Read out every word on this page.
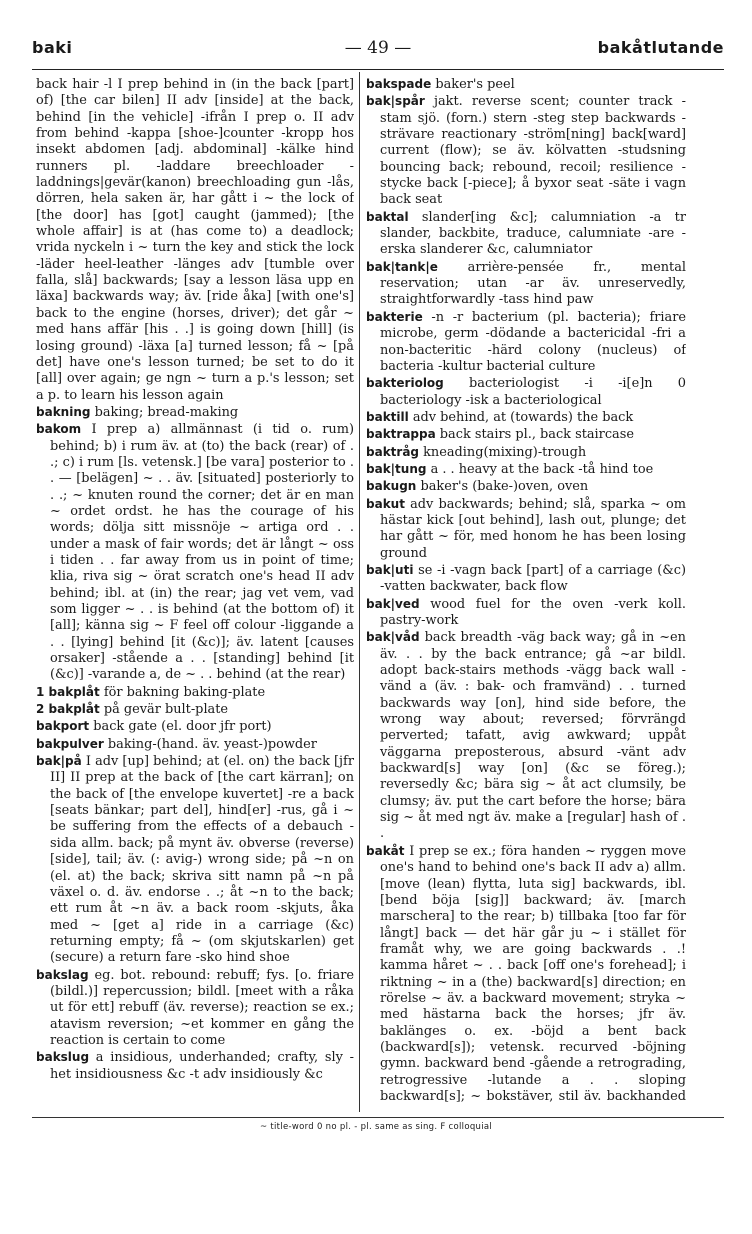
baki	— 49 —	bakåtlutande

back hair -l I prep behind in (in the back [part] of) [the car bilen] II adv [inside] at the back, behind [in the vehicle] -ifrån I prep o. II adv from behind -kappa [shoe-]counter -kropp hos insekt abdomen [adj. abdominal] -kälke hind runners pl. -laddare breechloader -laddnings|gevär(kanon) breechloading gun -lås, dörren, hela saken är, har gått i ~ the lock of [the door] has [got] caught (jammed); [the whole affair] is at (has come to) a deadlock; vrida nyckeln i ~ turn the key and stick the lock -läder heel-leather -länges adv [tumble over falla, slå] backwards; [say a lesson läsa upp en läxa] backwards way; äv. [ride åka] [with one's] back to the engine (horses, driver); det går ~ med hans affär [his . .] is going down [hill] (is losing ground) -läxa [a] turned lesson; få ~ [på det] have one's lesson turned; be set to do it [all] over again; ge ngn ~ turn a p.'s lesson; set a p. to learn his lesson again

bakning baking; bread-making

bakom I prep a) allmännast (i tid o. rum) behind; b) i rum äv. at (to) the back (rear) of . .; c) i rum [ls. vetensk.] [be vara] posterior to . . — [belägen] ~ . . äv. [situated] posteriorly to . .; ~ knuten round the corner; det är en man ~ ordet ordst. he has the courage of his words; dölja sitt missnöje ~ artiga ord . . under a mask of fair words; det är långt ~ oss i tiden . . far away from us in point of time; klia, riva sig ~ örat scratch one's head II adv behind; ibl. at (in) the rear; jag vet vem, vad som ligger ~ . . is behind (at the bottom of) it [all]; känna sig ~ F feel off colour -liggande a . . [lying] behind [it (&c)]; äv. latent [causes orsaker] -stående a . . [standing] behind [it (&c)] -varande a, de ~ . . behind (at the rear)

1 bakplåt för bakning baking-plate

2 bakplåt på gevär bult-plate

bakport back gate (el. door jfr port)

bakpulver baking-(hand. äv. yeast-)powder

bak|på I adv [up] behind; at (el. on) the back [jfr II] II prep at the back of [the cart kärran]; on the back of [the envelope kuvertet] -re a back [seats bänkar; part del], hind[er] -rus, gå i ~ be suffering from the effects of a debauch -sida allm. back; på mynt äv. obverse (reverse) [side], tail; äv. (: avig-) wrong side; på ~n on (el. at) the back; skriva sitt namn på ~n på växel o. d. äv. endorse . .; åt ~n to the back; ett rum åt ~n äv. a back room -skjuts, åka med ~ [get a] ride in a carriage (&c) returning empty; få ~ (om skjutskarlen) get (secure) a return fare -sko hind shoe

bakslag eg. bot. rebound: rebuff; fys. [o. friare (bildl.)] repercussion; bildl. [meet with a råka ut för ett] rebuff (äv. reverse); reaction se ex.; atavism reversion; ~et kommer en gång the reaction is certain to come

bakslug a insidious, underhanded; crafty, sly -het insidiousness &c -t adv insidiously &c

bakspade baker's peel

bak|spår jakt. reverse scent; counter track -stam sjö. (forn.) stern -steg step backwards -strävare reactionary -ström[ning] back[ward] current (flow); se äv. kölvatten -studsning bouncing back; rebound, recoil; resilience -stycke back [-piece]; å byxor seat -säte i vagn back seat

baktal slander[ing &c]; calumniation -a tr slander, backbite, traduce, calumniate -are -erska slanderer &c, calumniator

bak|tank|e arrière-pensée fr., mental reservation; utan -ar äv. unreservedly, straightforwardly -tass hind paw

bakterie -n -r bacterium (pl. bacteria); friare microbe, germ -dödande a bactericidal -fri a non-bacteritic -härd colony (nucleus) of bacteria -kultur bacterial culture

bakteriolog bacteriologist -i -i[e]n 0 bacteriology -isk a bacteriological

baktill adv behind, at (towards) the back

baktrappa back stairs pl., back staircase

baktråg kneading(mixing)-trough

bak|tung a . . heavy at the back -tå hind toe

bakugn baker's (bake-)oven, oven

bakut adv backwards; behind; slå, sparka ~ om hästar kick [out behind], lash out, plunge; det har gått ~ för, med honom he has been losing ground

bak|uti se -i -vagn back [part] of a carriage (&c) -vatten backwater, back flow

bak|ved wood fuel for the oven -verk koll. pastry-work

bak|våd back breadth -väg back way; gå in ~en äv. . . by the back entrance; gå ~ar bildl. adopt back-stairs methods -vägg back wall -vänd a (äv. : bak- och framvänd) . . turned backwards way [on], hind side before, the wrong way about; reversed; förvrängd perverted; tafatt, avig awkward; uppåt väggarna preposterous, absurd -vänt adv backward[s] way [on] (&c se föreg.); reversedly &c; bära sig ~ åt act clumsily, be clumsy; äv. put the cart before the horse; bära sig ~ åt med ngt äv. make a [regular] hash of . .

bakåt I prep se ex.; föra handen ~ ryggen move one's hand to behind one's back II adv a) allm. [move (lean) flytta, luta sig] backwards, ibl. [bend böja [sig]] backward; äv. [march marschera] to the rear; b) tillbaka [too far för långt] back — det här går ju ~ i stället för framåt why, we are going backwards . .! kamma håret ~ . . back [off one's forehead]; i riktning ~ in a (the) backward[s] direction; en rörelse ~ äv. a backward movement; stryka ~ med hästarna back the horses; jfr äv. baklänges o. ex. -böjd a bent back (backward[s]); vetensk. recurved -böjning gymn. backward bend -gående a retrograding, retrogressive -lutande a . . sloping backward[s]; ~ bokstäver, stil äv. backhanded

~ title-word 0 no pl. - pl. same as sing. F colloquial
